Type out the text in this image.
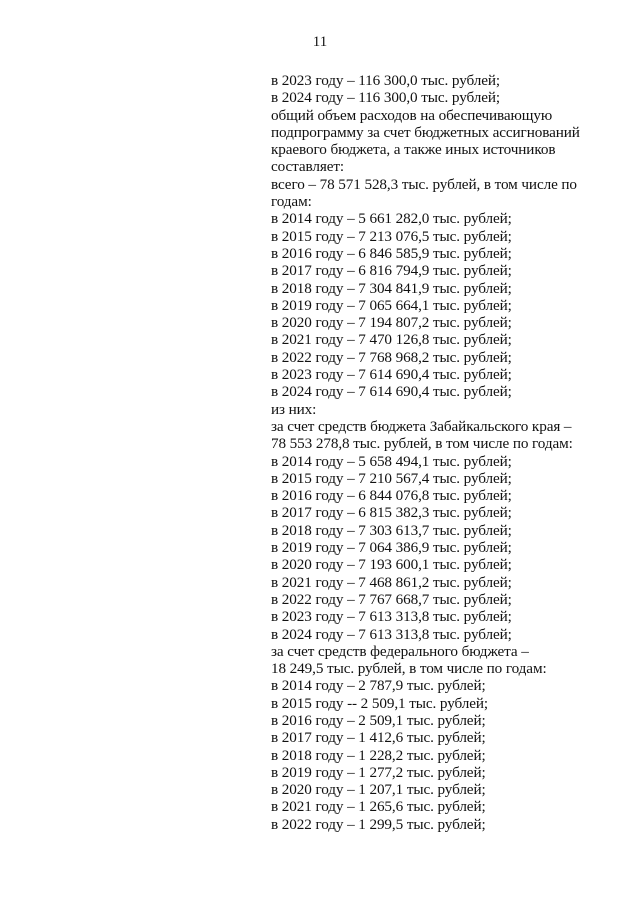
11
в 2023 году – 116 300,0 тыс. рублей;
в 2024 году – 116 300,0 тыс. рублей;
общий объем расходов на обеспечивающую
подпрограмму за счет бюджетных ассигнований
краевого бюджета, а также иных источников
составляет:
всего – 78 571 528,3 тыс. рублей, в том числе по
годам:
в 2014 году – 5 661 282,0 тыс. рублей;
в 2015 году – 7 213 076,5 тыс. рублей;
в 2016 году – 6 846 585,9 тыс. рублей;
в 2017 году – 6 816 794,9 тыс. рублей;
в 2018 году – 7 304 841,9 тыс. рублей;
в 2019 году – 7 065 664,1 тыс. рублей;
в 2020 году – 7 194 807,2 тыс. рублей;
в 2021 году – 7 470 126,8 тыс. рублей;
в 2022 году – 7 768 968,2 тыс. рублей;
в 2023 году – 7 614 690,4 тыс. рублей;
в 2024 году – 7 614 690,4 тыс. рублей;
из них:
за счет средств бюджета Забайкальского края –
78 553 278,8 тыс. рублей, в том числе по годам:
в 2014 году – 5 658 494,1 тыс. рублей;
в 2015 году – 7 210 567,4 тыс. рублей;
в 2016 году – 6 844 076,8 тыс. рублей;
в 2017 году – 6 815 382,3 тыс. рублей;
в 2018 году – 7 303 613,7 тыс. рублей;
в 2019 году – 7 064 386,9 тыс. рублей;
в 2020 году – 7 193 600,1 тыс. рублей;
в 2021 году – 7 468 861,2 тыс. рублей;
в 2022 году – 7 767 668,7 тыс. рублей;
в 2023 году – 7 613 313,8 тыс. рублей;
в 2024 году – 7 613 313,8 тыс. рублей;
за счет средств федерального бюджета –
18 249,5 тыс. рублей, в том числе по годам:
в 2014 году – 2 787,9 тыс. рублей;
в 2015 году -- 2 509,1 тыс. рублей;
в 2016 году – 2 509,1 тыс. рублей;
в 2017 году – 1 412,6 тыс. рублей;
в 2018 году – 1 228,2 тыс. рублей;
в 2019 году – 1 277,2 тыс. рублей;
в 2020 году – 1 207,1 тыс. рублей;
в 2021 году – 1 265,6 тыс. рублей;
в 2022 году – 1 299,5 тыс. рублей;
